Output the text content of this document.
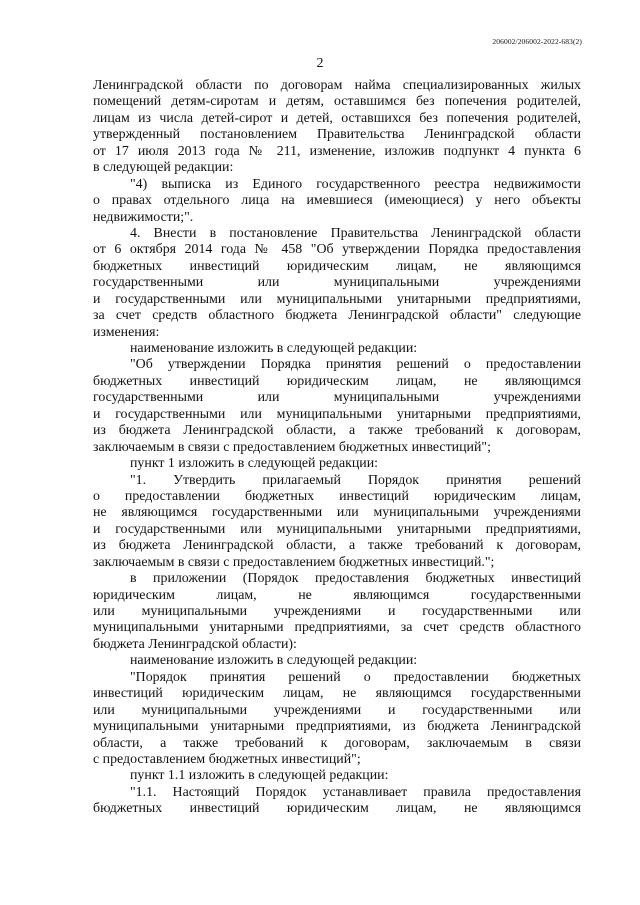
206002/206002-2022-683(2)
2
Ленинградской области по договорам найма специализированных жилых
помещений детям-сиротам и детям, оставшимся без попечения родителей,
лицам из числа детей-сирот и детей, оставшихся без попечения родителей,
утвержденный постановлением Правительства Ленинградской области
от 17 июля 2013 года № 211, изменение, изложив подпункт 4 пункта 6
в следующей редакции:
"4) выписка из Единого государственного реестра недвижимости
о правах отдельного лица на имевшиеся (имеющиеся) у него объекты
недвижимости;".
4. Внести в постановление Правительства Ленинградской области
от 6 октября 2014 года № 458 "Об утверждении Порядка предоставления
бюджетных инвестиций юридическим лицам, не являющимся
государственными или муниципальными учреждениями
и государственными или муниципальными унитарными предприятиями,
за счет средств областного бюджета Ленинградской области" следующие
изменения:
наименование изложить в следующей редакции:
"Об утверждении Порядка принятия решений о предоставлении
бюджетных инвестиций юридическим лицам, не являющимся
государственными или муниципальными учреждениями
и государственными или муниципальными унитарными предприятиями,
из бюджета Ленинградской области, а также требований к договорам,
заключаемым в связи с предоставлением бюджетных инвестиций";
пункт 1 изложить в следующей редакции:
"1. Утвердить прилагаемый Порядок принятия решений
о предоставлении бюджетных инвестиций юридическим лицам,
не являющимся государственными или муниципальными учреждениями
и государственными или муниципальными унитарными предприятиями,
из бюджета Ленинградской области, а также требований к договорам,
заключаемым в связи с предоставлением бюджетных инвестиций.";
в приложении (Порядок предоставления бюджетных инвестиций
юридическим лицам, не являющимся государственными
или муниципальными учреждениями и государственными или
муниципальными унитарными предприятиями, за счет средств областного
бюджета Ленинградской области):
наименование изложить в следующей редакции:
"Порядок принятия решений о предоставлении бюджетных
инвестиций юридическим лицам, не являющимся государственными
или муниципальными учреждениями и государственными или
муниципальными унитарными предприятиями, из бюджета Ленинградской
области, а также требований к договорам, заключаемым в связи
с предоставлением бюджетных инвестиций";
пункт 1.1 изложить в следующей редакции:
"1.1. Настоящий Порядок устанавливает правила предоставления
бюджетных инвестиций юридическим лицам, не являющимся
